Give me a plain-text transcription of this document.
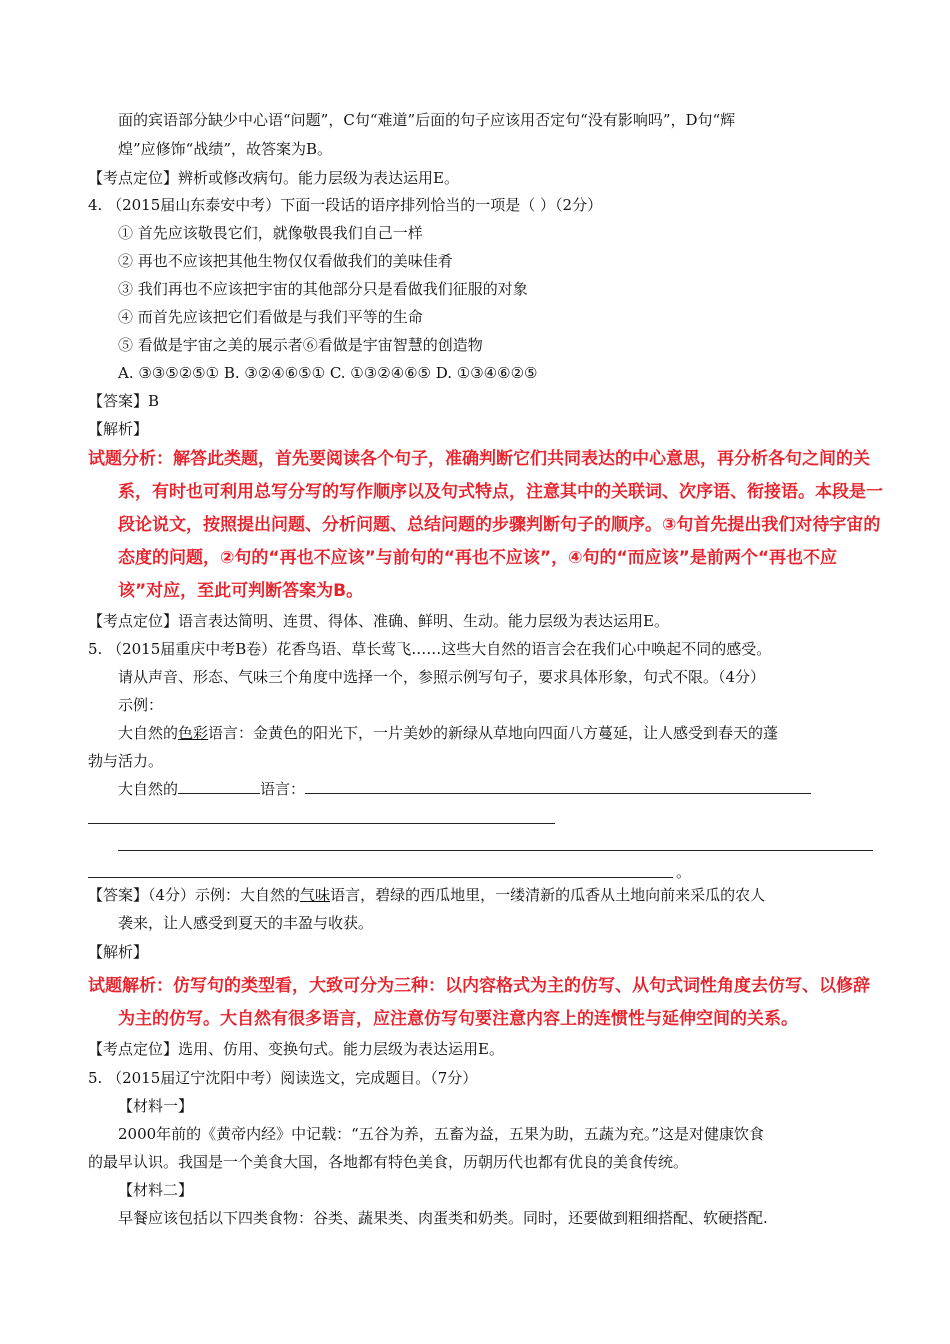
面的宾语部分缺少中心语“问题”，C句“难道”后面的句子应该用否定句“没有影响吗”，D句“辉
煌”应修饰“战绩”，故答案为B。
【考点定位】辨析或修改病句。能力层级为表达运用E。
4. （2015届山东泰安中考）下面一段话的语序排列恰当的一项是（ ）（2分）
① 首先应该敬畏它们，就像敬畏我们自己一样
② 再也不应该把其他生物仅仅看做我们的美味佳肴
③ 我们再也不应该把宇宙的其他部分只是看做我们征服的对象
④ 而首先应该把它们看做是与我们平等的生命
⑤ 看做是宇宙之美的展示者⑥看做是宇宙智慧的创造物
A. ③③⑤②⑤① B. ③②④⑥⑤① C. ①③②④⑥⑤ D. ①③④⑥②⑤
【答案】B
【解析】
试题分析：解答此类题，首先要阅读各个句子，准确判断它们共同表达的中心意思，再分析各句之间的关
系，有时也可利用总写分写的写作顺序以及句式特点，注意其中的关联词、次序语、衔接语。本段是一
段论说文，按照提出问题、分析问题、总结问题的步骤判断句子的顺序。③句首先提出我们对待宇宙的
态度的问题，②句的“再也不应该”与前句的“再也不应该”，④句的“而应该”是前两个“再也不应
该”对应，至此可判断答案为B。
【考点定位】语言表达简明、连贯、得体、准确、鲜明、生动。能力层级为表达运用E。
5. （2015届重庆中考B卷）花香鸟语、草长莺飞……这些大自然的语言会在我们心中唤起不同的感受。
请从声音、形态、气味三个角度中选择一个，参照示例写句子，要求具体形象，句式不限。（4分）
示例：
大自然的色彩语言：金黄色的阳光下，一片美妙的新绿从草地向四面八方蔓延，让人感受到春天的蓬
勃与活力。
大自然的	语言：
。
【答案】（4分）示例：大自然的气味语言，碧绿的西瓜地里，一缕清新的瓜香从土地向前来采瓜的农人
袭来，让人感受到夏天的丰盈与收获。
【解析】
试题解析：仿写句的类型看，大致可分为三种：以内容格式为主的仿写、从句式词性角度去仿写、以修辞
为主的仿写。大自然有很多语言，应注意仿写句要注意内容上的连惯性与延伸空间的关系。
【考点定位】选用、仿用、变换句式。能力层级为表达运用E。
5. （2015届辽宁沈阳中考）阅读选文，完成题目。（7分）
【材料一】
2000年前的《黄帝内经》中记载：“五谷为养，五畜为益，五果为助，五蔬为充。”这是对健康饮食
的最早认识。我国是一个美食大国，各地都有特色美食，历朝历代也都有优良的美食传统。
【材料二】
早餐应该包括以下四类食物：谷类、蔬果类、肉蛋类和奶类。同时，还要做到粗细搭配、软硬搭配.
